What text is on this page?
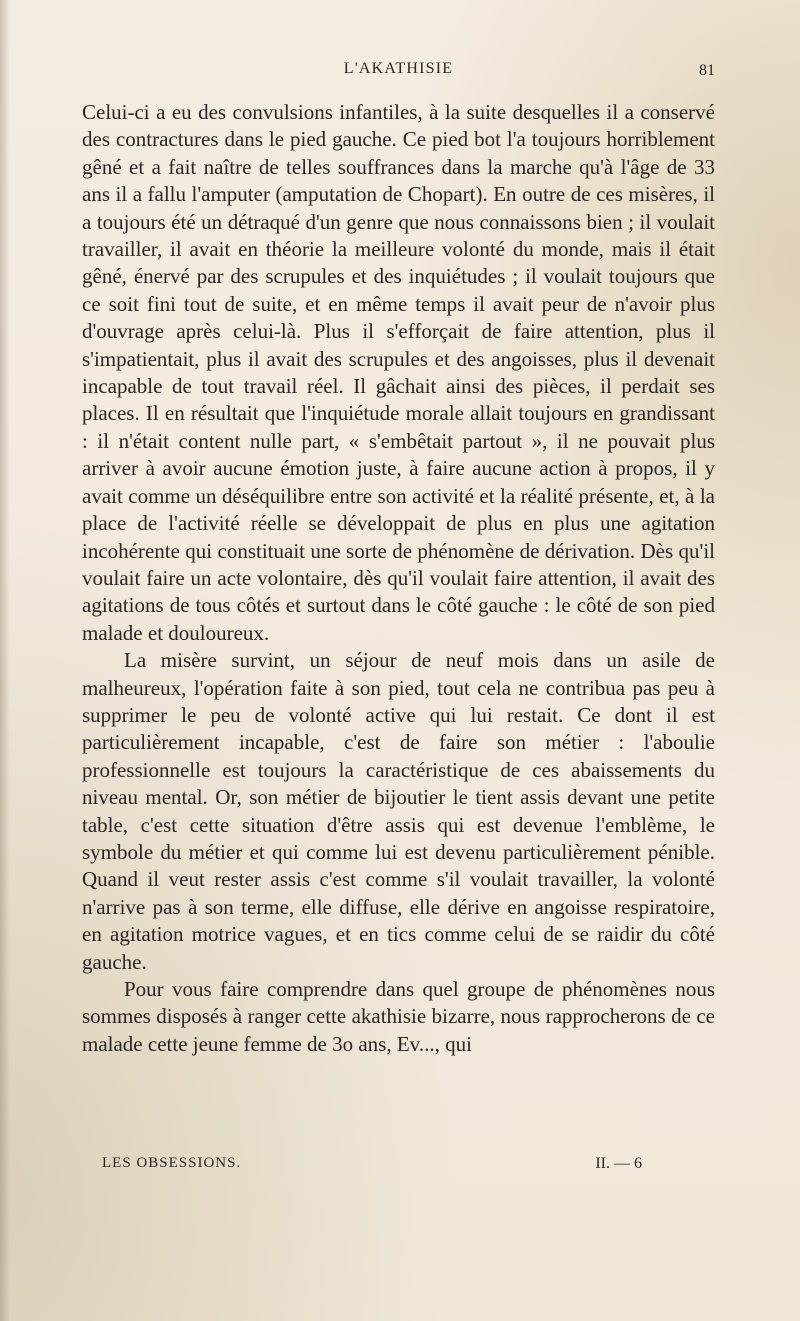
L'AKATHISIE	81

Celui-ci a eu des convulsions infantiles, à la suite desquelles il a conservé des contractures dans le pied gauche. Ce pied bot l'a toujours horriblement gêné et a fait naître de telles souffrances dans la marche qu'à l'âge de 33 ans il a fallu l'amputer (amputation de Chopart). En outre de ces misères, il a toujours été un détraqué d'un genre que nous connaissons bien ; il voulait travailler, il avait en théorie la meilleure volonté du monde, mais il était gêné, énervé par des scrupules et des inquiétudes ; il voulait toujours que ce soit fini tout de suite, et en même temps il avait peur de n'avoir plus d'ouvrage après celui-là. Plus il s'efforçait de faire attention, plus il s'impatientait, plus il avait des scrupules et des angoisses, plus il devenait incapable de tout travail réel. Il gâchait ainsi des pièces, il perdait ses places. Il en résultait que l'inquiétude morale allait toujours en grandissant : il n'était content nulle part, « s'embêtait partout », il ne pouvait plus arriver à avoir aucune émotion juste, à faire aucune action à propos, il y avait comme un déséquilibre entre son activité et la réalité présente, et, à la place de l'activité réelle se développait de plus en plus une agitation incohérente qui constituait une sorte de phénomène de dérivation. Dès qu'il voulait faire un acte volontaire, dès qu'il voulait faire attention, il avait des agitations de tous côtés et surtout dans le côté gauche : le côté de son pied malade et douloureux.

La misère survint, un séjour de neuf mois dans un asile de malheureux, l'opération faite à son pied, tout cela ne contribua pas peu à supprimer le peu de volonté active qui lui restait. Ce dont il est particulièrement incapable, c'est de faire son métier : l'aboulie professionnelle est toujours la caractéristique de ces abaissements du niveau mental. Or, son métier de bijoutier le tient assis devant une petite table, c'est cette situation d'être assis qui est devenue l'emblème, le symbole du métier et qui comme lui est devenu particulièrement pénible. Quand il veut rester assis c'est comme s'il voulait travailler, la volonté n'arrive pas à son terme, elle diffuse, elle dérive en angoisse respiratoire, en agitation motrice vagues, et en tics comme celui de se raidir du côté gauche.

Pour vous faire comprendre dans quel groupe de phénomènes nous sommes disposés à ranger cette akathisie bizarre, nous rapprocherons de ce malade cette jeune femme de 3o ans, Ev..., qui

LES OBSESSIONS.	II. — 6
